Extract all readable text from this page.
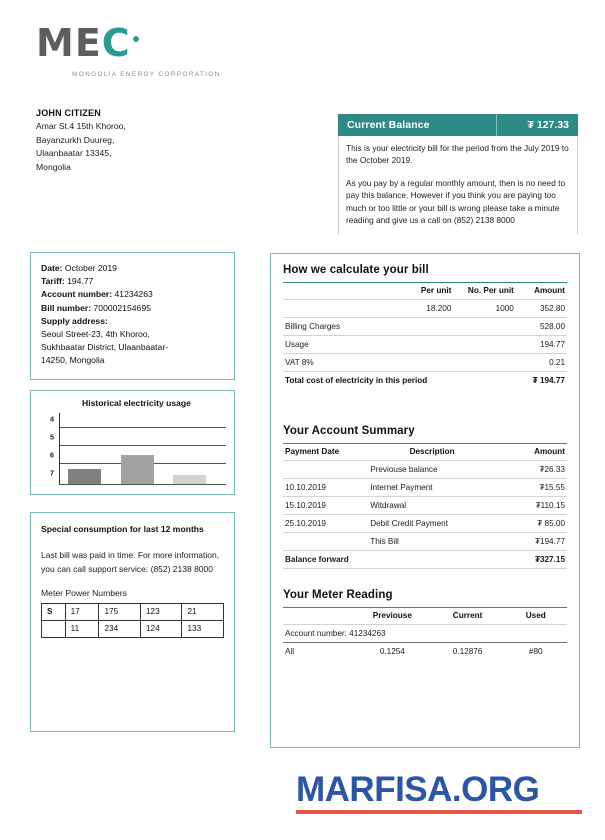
MEC
MONGOLIA ENERGY CORPORATION
JOHN CITIZEN
Amar St.4 15th Khoroo,
Bayanzurkh Duureg,
Ulaanbaatar 13345,
Mongolia
Current Balance	₮ 127.33

This is your electricity bill for the period from the July 2019 to the October 2019.

As you pay by a regular monthly amount, then is no need to pay this balance. However if you think you are paying too much or too little or your bill is wrong please take a minute reading and give us a call on (852) 2138 8000

Date: October 2019
Tariff: 194.77
Account number: 41234263
Bill number: 700002154695
Supply address:
Seoul Street-23, 4th Khoroo,
Sukhbaatar District, Ulaanbaatar-
14250, Mongolia
Historical electricity usage
4
5
6
7
Special consumption for last 12 months
Last bill was paid in time. For more information, you can call support service: (852) 2138 8000
Meter Power Numbers
S	17	175	123	21
	11	234	124	133
How we calculate your bill
	Per unit	No. Per unit	Amount
	18.200	1000	352.80
Billing Charges			528.00
Usage			194.77
VAT 8%			0.21
Total cost of electricity in this period			₮ 194.77
Your Account Summary
Payment Date	Description	Amount
	Previouse balance	₮26.33
10.10.2019	Internet Payment	₮15.55
15.10.2019	Witdrawal	₮110.15
25.10.2019	Debit Credit Payment	₮ 85.00
	This Bill	₮194.77
Balance forward		₮327.15
Your Meter Reading
	Previouse	Current	Used
Account number: 41234263			
All	0.1254	0.12876	#80
MARFISA.ORG
